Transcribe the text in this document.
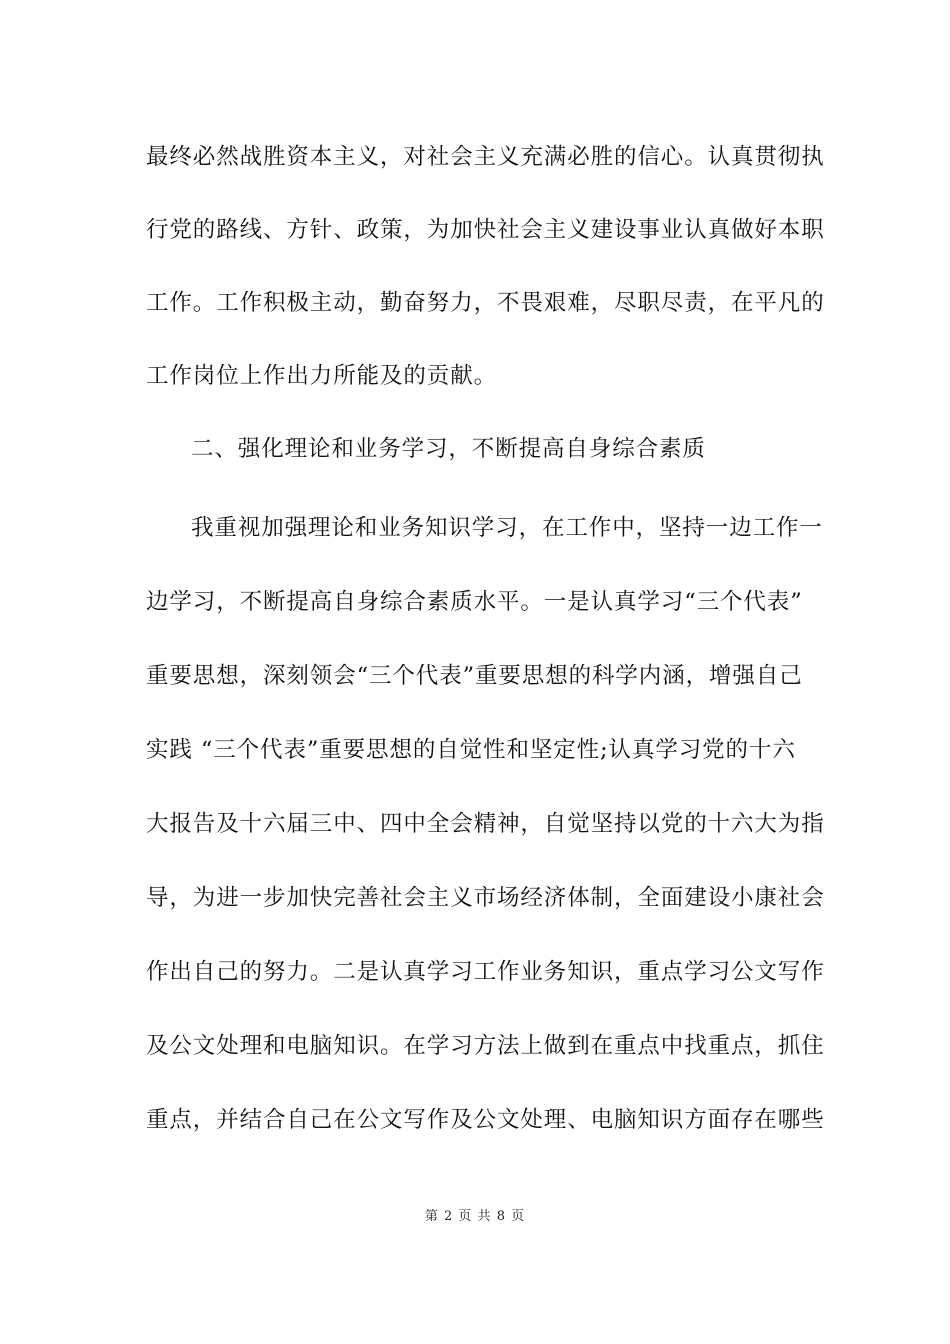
最终必然战胜资本主义，对社会主义充满必胜的信心。认真贯彻执
行党的路线、方针、政策，为加快社会主义建设事业认真做好本职
工作。工作积极主动，勤奋努力，不畏艰难，尽职尽责，在平凡的
工作岗位上作出力所能及的贡献。
二、强化理论和业务学习，不断提高自身综合素质
我重视加强理论和业务知识学习，在工作中，坚持一边工作一
边学习，不断提高自身综合素质水平。一是认真学习“三个代表”
重要思想，深刻领会“三个代表”重要思想的科学内涵，增强自己
实践 “三个代表”重要思想的自觉性和坚定性;认真学习党的十六
大报告及十六届三中、四中全会精神，自觉坚持以党的十六大为指
导，为进一步加快完善社会主义市场经济体制，全面建设小康社会
作出自己的努力。二是认真学习工作业务知识，重点学习公文写作
及公文处理和电脑知识。在学习方法上做到在重点中找重点，抓住
重点，并结合自己在公文写作及公文处理、电脑知识方面存在哪些
第 2 页 共 8 页
